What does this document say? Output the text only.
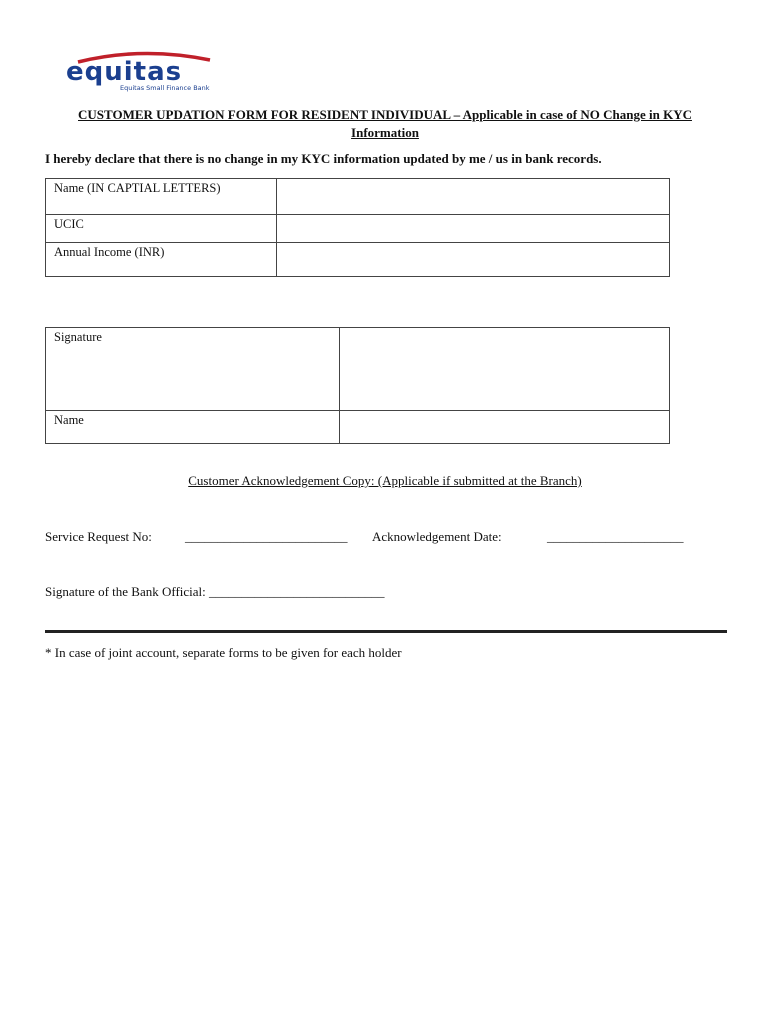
equitas
Equitas Small Finance Bank
CUSTOMER UPDATION FORM FOR RESIDENT INDIVIDUAL – Applicable in case of NO Change in KYC
Information
I hereby declare that there is no change in my KYC information updated by me / us in bank records.
Name (IN CAPTIAL LETTERS)	
UCIC	
Annual Income (INR)	
Signature	
Name	
Customer Acknowledgement Copy: (Applicable if submitted at the Branch)
Service Request No:	_________________________ Acknowledgement Date:	_____________________
Signature of the Bank Official: ___________________________
* In case of joint account, separate forms to be given for each holder
